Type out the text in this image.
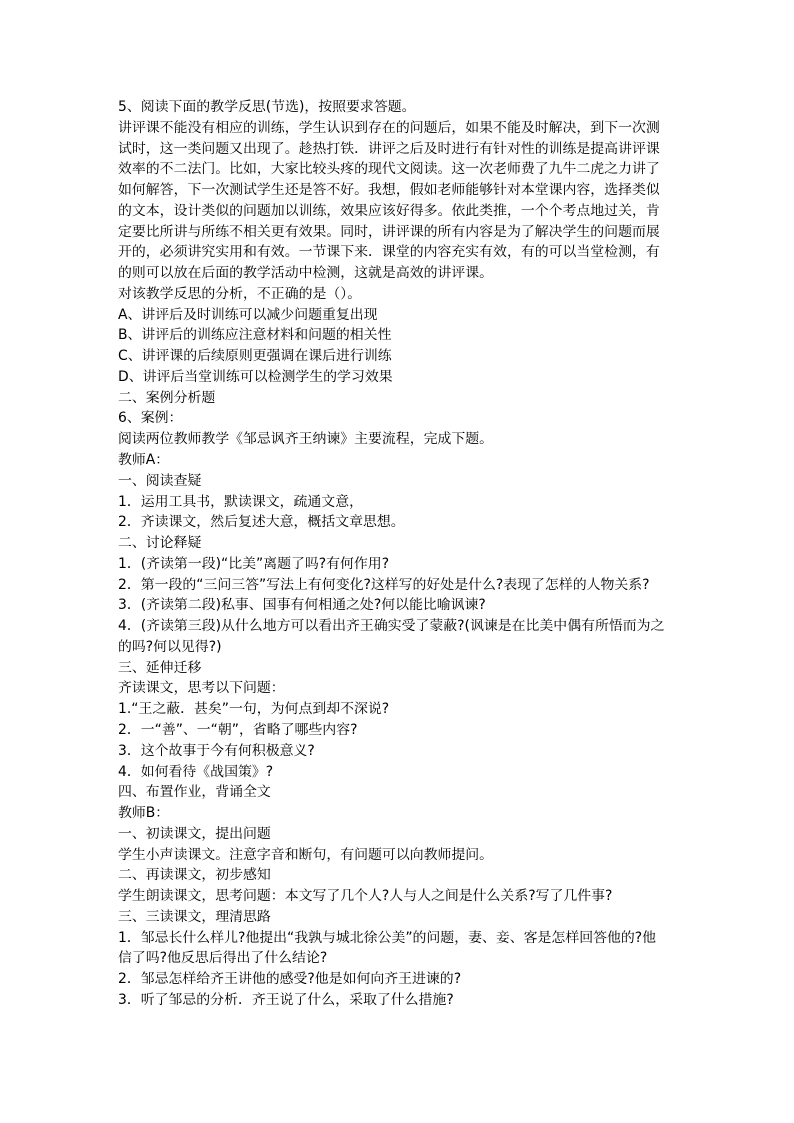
5、阅读下面的教学反思(节选)，按照要求答题。
讲评课不能没有相应的训练，学生认识到存在的问题后，如果不能及时解决，到下一次测
试时，这一类问题又出现了。趁热打铁．讲评之后及时进行有针对性的训练是提高讲评课
效率的不二法门。比如，大家比较头疼的现代文阅读。这一次老师费了九牛二虎之力讲了
如何解答，下一次测试学生还是答不好。我想，假如老师能够针对本堂课内容，选择类似
的文本，设计类似的问题加以训练，效果应该好得多。依此类推，一个个考点地过关，肯
定要比所讲与所练不相关更有效果。同时，讲评课的所有内容是为了解决学生的问题而展
开的，必须讲究实用和有效。一节课下来．课堂的内容充实有效，有的可以当堂检测，有
的则可以放在后面的教学活动中检测，这就是高效的讲评课。
对该教学反思的分析，不正确的是（）。
A、讲评后及时训练可以减少问题重复出现
B、讲评后的训练应注意材料和问题的相关性
C、讲评课的后续原则更强调在课后进行训练
D、讲评后当堂训练可以检测学生的学习效果
二、案例分析题
6、案例：
阅读两位教师教学《邹忌讽齐王纳谏》主要流程，完成下题。
教师A：
一、阅读查疑
1．运用工具书，默读课文，疏通文意，
2．齐读课文，然后复述大意，概括文章思想。
二、讨论释疑
1．(齐读第一段)“比美”离题了吗?有何作用?
2．第一段的“三问三答”写法上有何变化?这样写的好处是什么?表现了怎样的人物关系?
3．(齐读第二段)私事、国事有何相通之处?何以能比喻讽谏?
4．(齐读第三段)从什么地方可以看出齐王确实受了蒙蔽?(讽谏是在比美中偶有所悟而为之
的吗?何以见得?)
三、延伸迁移
齐读课文，思考以下问题：
1.“王之蔽．甚矣”一句，为何点到却不深说?
2．一“善”、一“朝”，省略了哪些内容?
3．这个故事于今有何积极意义?
4．如何看待《战国策》?
四、布置作业，背诵全文
教师B：
一、初读课文，提出问题
学生小声读课文。注意字音和断句，有问题可以向教师提问。
二、再读课文，初步感知
学生朗读课文，思考问题：本文写了几个人?人与人之间是什么关系?写了几件事?
三、三读课文，理清思路
1．邹忌长什么样儿?他提出“我孰与城北徐公美”的问题，妻、妾、客是怎样回答他的?他
信了吗?他反思后得出了什么结论?
2．邹忌怎样给齐王讲他的感受?他是如何向齐王进谏的?
3．听了邹忌的分析．齐王说了什么，采取了什么措施?
